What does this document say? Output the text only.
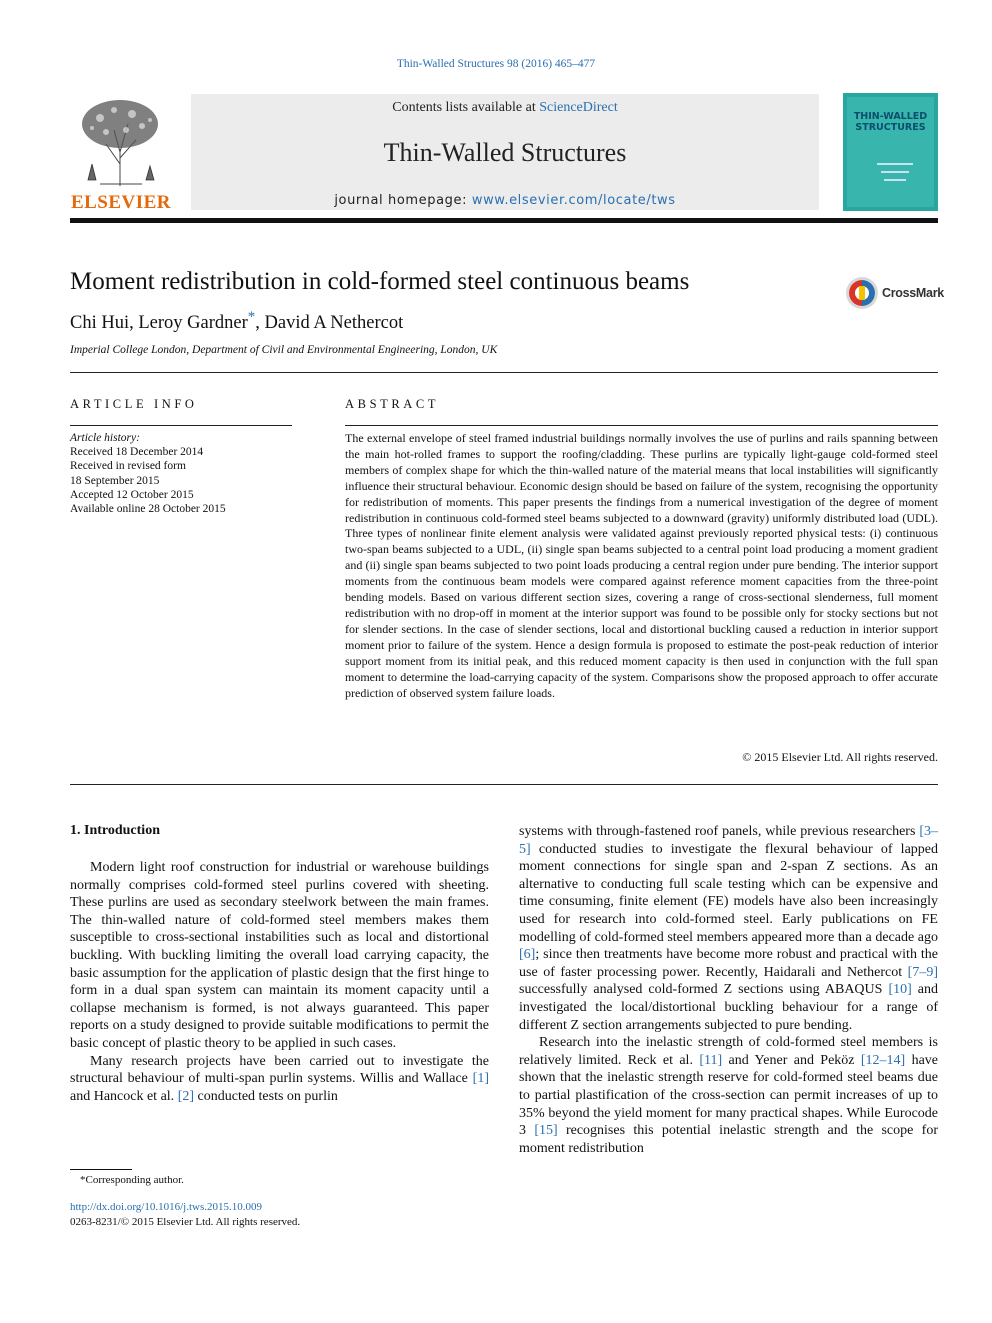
Thin-Walled Structures 98 (2016) 465–477
ELSEVIER
Contents lists available at ScienceDirect
Thin-Walled Structures
journal homepage: www.elsevier.com/locate/tws
THIN-WALLED
STRUCTURES
Moment redistribution in cold-formed steel continuous beams	CrossMark
Chi Hui, Leroy Gardner*, David A Nethercot
Imperial College London, Department of Civil and Environmental Engineering, London, UK
ARTICLE INFO
Article history:
Received 18 December 2014
Received in revised form
18 September 2015
Accepted 12 October 2015
Available online 28 October 2015
ABSTRACT
The external envelope of steel framed industrial buildings normally involves the use of purlins and rails spanning between the main hot-rolled frames to support the roofing/cladding. These purlins are typically light-gauge cold-formed steel members of complex shape for which the thin-walled nature of the material means that local instabilities will significantly influence their structural behaviour. Economic design should be based on failure of the system, recognising the opportunity for redistribution of moments. This paper presents the findings from a numerical investigation of the degree of moment redistribution in continuous cold-formed steel beams subjected to a downward (gravity) uniformly distributed load (UDL). Three types of nonlinear finite element analysis were validated against previously reported physical tests: (i) continuous two-span beams subjected to a UDL, (ii) single span beams subjected to a central point load producing a moment gradient and (ii) single span beams subjected to two point loads producing a central region under pure bending. The interior support moments from the continuous beam models were compared against reference moment capacities from the three-point bending models. Based on various different section sizes, covering a range of cross-sectional slenderness, full moment redistribution with no drop-off in moment at the interior support was found to be possible only for stocky sections but not for slender sections. In the case of slender sections, local and distortional buckling caused a reduction in interior support moment prior to failure of the system. Hence a design formula is proposed to estimate the post-peak reduction of interior support moment from its initial peak, and this reduced moment capacity is then used in conjunction with the full span moment to determine the load-carrying capacity of the system. Comparisons show the proposed approach to offer accurate prediction of observed system failure loads.
© 2015 Elsevier Ltd. All rights reserved.
1. Introduction

Modern light roof construction for industrial or warehouse buildings normally comprises cold-formed steel purlins covered with sheeting. These purlins are used as secondary steelwork between the main frames. The thin-walled nature of cold-formed steel members makes them susceptible to cross-sectional instabilities such as local and distortional buckling. With buckling limiting the overall load carrying capacity, the basic assumption for the application of plastic design that the first hinge to form in a dual span system can maintain its moment capacity until a collapse mechanism is formed, is not always guaranteed. This paper reports on a study designed to provide suitable modifications to permit the basic concept of plastic theory to be applied in such cases.

Many research projects have been carried out to investigate the structural behaviour of multi-span purlin systems. Willis and Wallace [1] and Hancock et al. [2] conducted tests on purlin

systems with through-fastened roof panels, while previous researchers [3–5] conducted studies to investigate the flexural behaviour of lapped moment connections for single span and 2-span Z sections. As an alternative to conducting full scale testing which can be expensive and time consuming, finite element (FE) models have also been increasingly used for research into cold-formed steel. Early publications on FE modelling of cold-formed steel members appeared more than a decade ago [6]; since then treatments have become more robust and practical with the use of faster processing power. Recently, Haidarali and Nethercot [7–9] successfully analysed cold-formed Z sections using ABAQUS [10] and investigated the local/distortional buckling behaviour for a range of different Z section arrangements subjected to pure bending.

Research into the inelastic strength of cold-formed steel members is relatively limited. Reck et al. [11] and Yener and Peköz [12–14] have shown that the inelastic strength reserve for cold-formed steel beams due to partial plastification of the cross-section can permit increases of up to 35% beyond the yield moment for many practical shapes. While Eurocode 3 [15] recognises this potential inelastic strength and the scope for moment redistribution

*Corresponding author.
http://dx.doi.org/10.1016/j.tws.2015.10.009
0263-8231/© 2015 Elsevier Ltd. All rights reserved.
